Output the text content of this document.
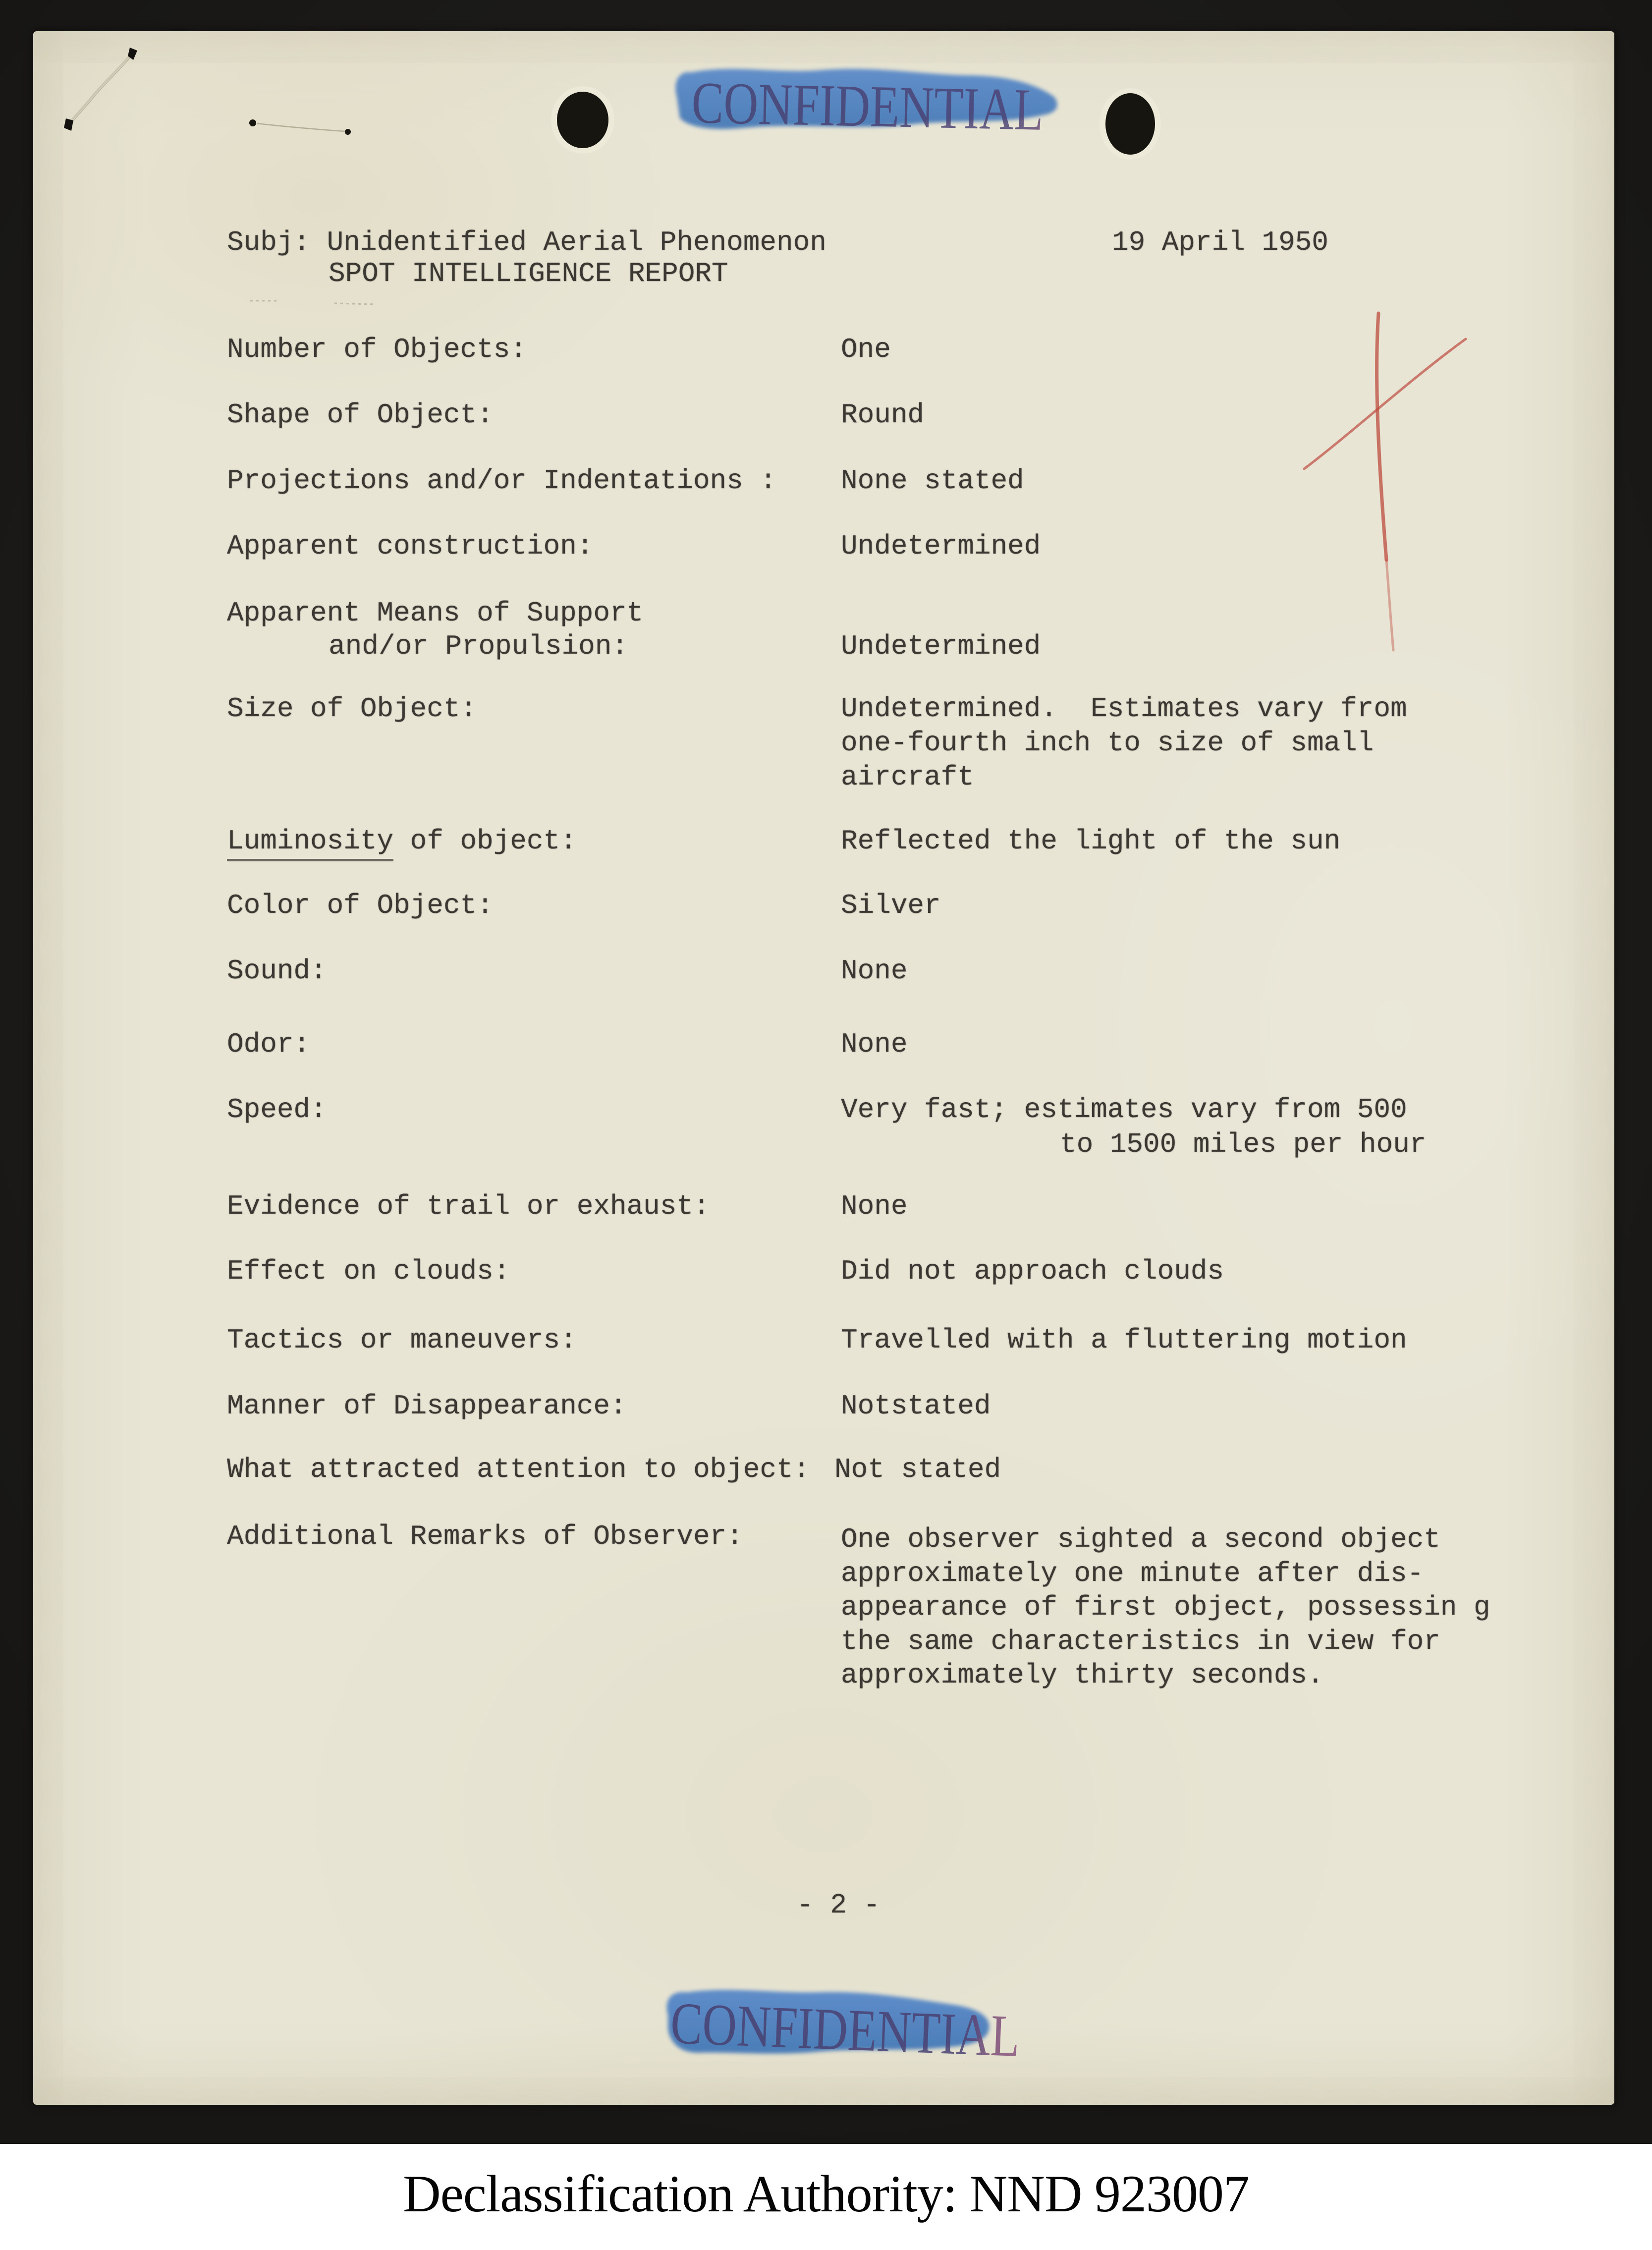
Subj: Unidentified Aerial Phenomenon
SPOT INTELLIGENCE REPORT
19 April 1950
- 2 -
Number of Objects:	One
Shape of Object:	Round
Projections and/or Indentations : None stated
Apparent construction:	Undetermined
Apparent Means of Support
and/or Propulsion:	Undetermined
Size of Object:	Undetermined.  Estimates vary from
one-fourth inch to size of small
aircraft
Luminosity of object:	Reflected the light of the sun
Color of Object:	Silver
Sound:	None
Odor:	None
Speed:	Very fast; estimates vary from 500
to 1500 miles per hour
Evidence of trail or exhaust:	None
Effect on clouds:	Did not approach clouds
Tactics or maneuvers:	Travelled with a fluttering motion
Manner of Disappearance:	Notstated
What attracted attention to object: Not stated
Additional Remarks of Observer:	One observer sighted a second object
approximately one minute after dis-
appearance of first object, possessin g
the same characteristics in view for
approximately thirty seconds.
CONFIDENTIAL
CONFIDENTIAL
Declassification Authority: NND 923007
